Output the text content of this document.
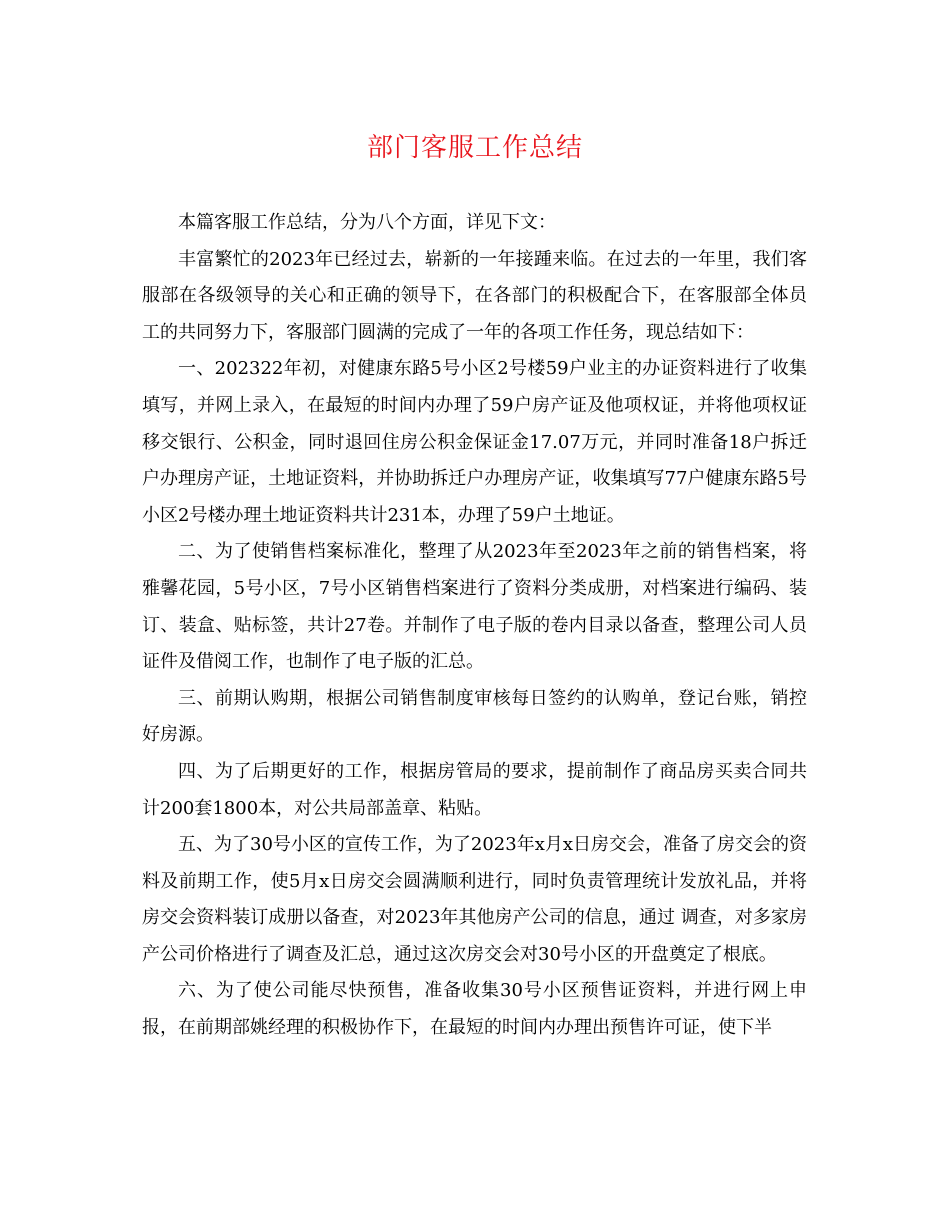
部门客服工作总结

本篇客服工作总结，分为八个方面，详见下文：

丰富繁忙的2023年已经过去，崭新的一年接踵来临。在过去的一年里，我们客服部在各级领导的关心和正确的领导下，在各部门的积极配合下，在客服部全体员工的共同努力下，客服部门圆满的完成了一年的各项工作任务，现总结如下：

一、202322年初，对健康东路5号小区2号楼59户业主的办证资料进行了收集填写，并网上录入，在最短的时间内办理了59户房产证及他项权证，并将他项权证移交银行、公积金，同时退回住房公积金保证金17.07万元，并同时准备18户拆迁户办理房产证，土地证资料，并协助拆迁户办理房产证，收集填写77户健康东路5号小区2号楼办理土地证资料共计231本，办理了59户土地证。

二、为了使销售档案标准化，整理了从2023年至2023年之前的销售档案，将雅馨花园，5号小区，7号小区销售档案进行了资料分类成册，对档案进行编码、装订、装盒、贴标签，共计27卷。并制作了电子版的卷内目录以备查，整理公司人员证件及借阅工作，也制作了电子版的汇总。

三、前期认购期，根据公司销售制度审核每日签约的认购单，登记台账，销控好房源。

四、为了后期更好的工作，根据房管局的要求，提前制作了商品房买卖合同共计200套1800本，对公共局部盖章、粘贴。

五、为了30号小区的宣传工作，为了2023年x月x日房交会，准备了房交会的资料及前期工作，使5月x日房交会圆满顺利进行，同时负责管理统计发放礼品，并将房交会资料装订成册以备查，对2023年其他房产公司的信息，通过 调查，对多家房产公司价格进行了调查及汇总，通过这次房交会对30号小区的开盘奠定了根底。

六、为了使公司能尽快预售，准备收集30号小区预售证资料，并进行网上申报，在前期部姚经理的积极协作下，在最短的时间内办理出预售许可证，使下半
